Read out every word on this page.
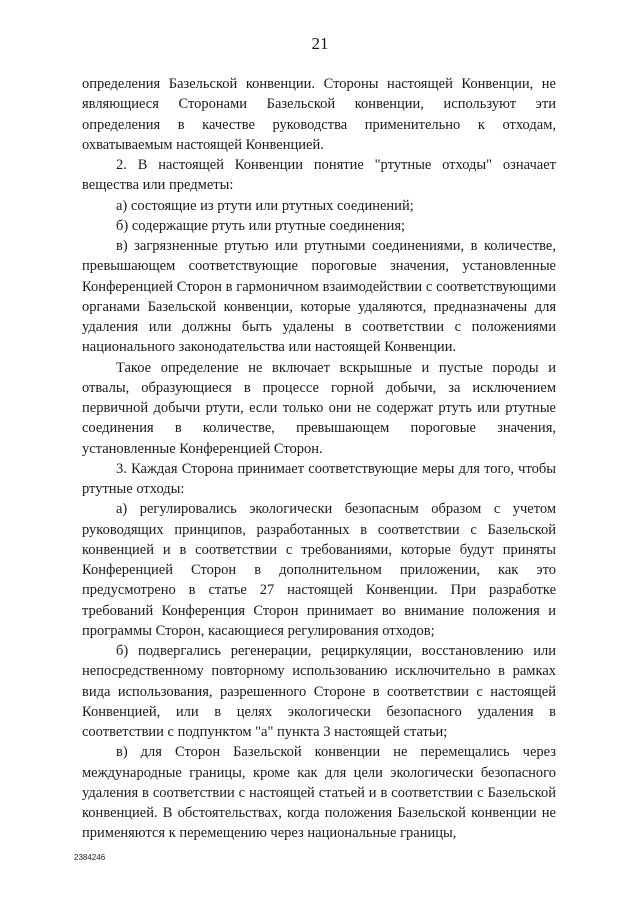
21

определения Базельской конвенции. Стороны настоящей Конвенции, не являющиеся Сторонами Базельской конвенции, используют эти определения в качестве руководства применительно к отходам, охватываемым настоящей Конвенцией.

2. В настоящей Конвенции понятие "ртутные отходы" означает вещества или предметы:

а) состоящие из ртути или ртутных соединений;

б) содержащие ртуть или ртутные соединения;

в) загрязненные ртутью или ртутными соединениями, в количестве, превышающем соответствующие пороговые значения, установленные Конференцией Сторон в гармоничном взаимодействии с соответствующими органами Базельской конвенции, которые удаляются, предназначены для удаления или должны быть удалены в соответствии с положениями национального законодательства или настоящей Конвенции.

Такое определение не включает вскрышные и пустые породы и отвалы, образующиеся в процессе горной добычи, за исключением первичной добычи ртути, если только они не содержат ртуть или ртутные соединения в количестве, превышающем пороговые значения, установленные Конференцией Сторон.

3. Каждая Сторона принимает соответствующие меры для того, чтобы ртутные отходы:

а) регулировались экологически безопасным образом с учетом руководящих принципов, разработанных в соответствии с Базельской конвенцией и в соответствии с требованиями, которые будут приняты Конференцией Сторон в дополнительном приложении, как это предусмотрено в статье 27 настоящей Конвенции. При разработке требований Конференция Сторон принимает во внимание положения и программы Сторон, касающиеся регулирования отходов;

б) подвергались регенерации, рециркуляции, восстановлению или непосредственному повторному использованию исключительно в рамках вида использования, разрешенного Стороне в соответствии с настоящей Конвенцией, или в целях экологически безопасного удаления в соответствии с подпунктом "а" пункта 3 настоящей статьи;

в) для Сторон Базельской конвенции не перемещались через международные границы, кроме как для цели экологически безопасного удаления в соответствии с настоящей статьей и в соответствии с Базельской конвенцией. В обстоятельствах, когда положения Базельской конвенции не применяются к перемещению через национальные границы,

2384246
